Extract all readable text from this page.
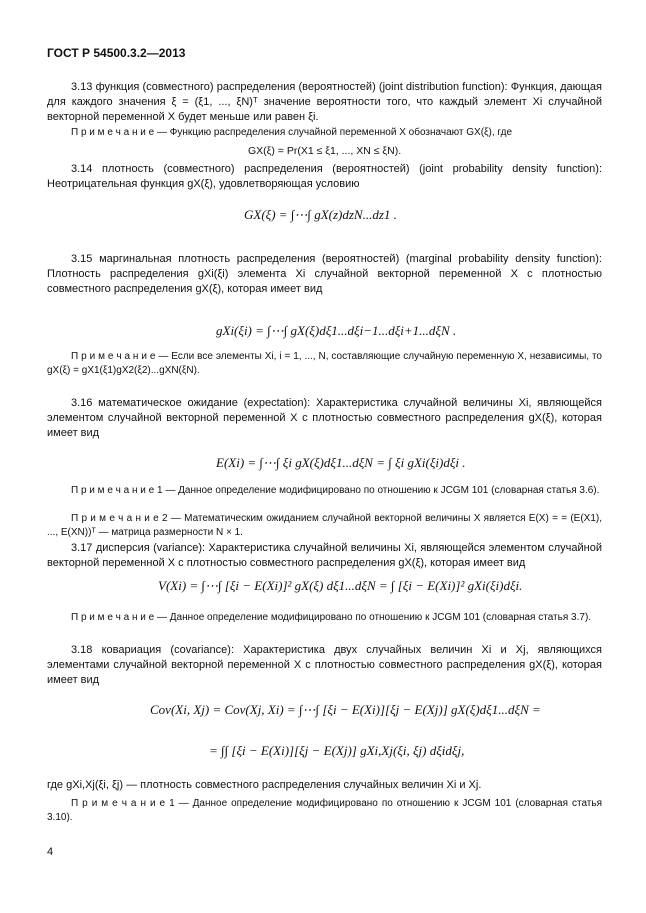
ГОСТ Р 54500.3.2—2013
3.13 функция (совместного) распределения (вероятностей) (joint distribution function): Функция, дающая для каждого значения ξ = (ξ1, ..., ξN)ᵀ значение вероятности того, что каждый элемент Xi случайной векторной переменной X будет меньше или равен ξi.
П р и м е ч а н и е — Функцию распределения случайной переменной X обозначают GX(ξ), где
GX(ξ) = Pr(X1 ≤ ξ1, ..., XN ≤ ξN).
3.14 плотность (совместного) распределения (вероятностей) (joint probability density function): Неотрицательная функция gX(ξ), удовлетворяющая условию
GX(ξ) = ∫⋯∫ gX(z)dzN...dz1 .
3.15 маргинальная плотность распределения (вероятностей) (marginal probability density function): Плотность распределения gXi(ξi) элемента Xi случайной векторной переменной X с плотностью совместного распределения gX(ξ), которая имеет вид
gXi(ξi) = ∫⋯∫ gX(ξ)dξ1...dξi−1...dξi+1...dξN .
П р и м е ч а н и е — Если все элементы Xi, i = 1, ..., N, составляющие случайную переменную X, независимы, то gX(ξ) = gX1(ξ1)gX2(ξ2)...gXN(ξN).
3.16 математическое ожидание (expectation): Характеристика случайной величины Xi, являющейся элементом случайной векторной переменной X с плотностью совместного распределения gX(ξ), которая имеет вид
E(Xi) = ∫⋯∫ ξi gX(ξ)dξ1...dξN = ∫ ξi gXi(ξi)dξi .
П р и м е ч а н и е 1 — Данное определение модифицировано по отношению к JCGM 101 (словарная статья 3.6).
П р и м е ч а н и е 2 — Математическим ожиданием случайной векторной величины X является E(X) = = (E(X1), ..., E(XN))ᵀ — матрица размерности N × 1.
3.17 дисперсия (variance): Характеристика случайной величины Xi, являющейся элементом случайной векторной переменной X с плотностью совместного распределения gX(ξ), которая имеет вид
V(Xi) = ∫⋯∫ [ξi − E(Xi)]² gX(ξ) dξ1...dξN = ∫ [ξi − E(Xi)]² gXi(ξi)dξi.
П р и м е ч а н и е — Данное определение модифицировано по отношению к JCGM 101 (словарная статья 3.7).
3.18 ковариация (covariance): Характеристика двух случайных величин Xi и Xj, являющихся элементами случайной векторной переменной X с плотностью совместного распределения gX(ξ), которая имеет вид
Cov(Xi, Xj) = Cov(Xj, Xi) = ∫⋯∫ [ξi − E(Xi)][ξj − E(Xj)] gX(ξ)dξ1...dξN =
= ∫∫ [ξi − E(Xi)][ξj − E(Xj)] gXi,Xj(ξi, ξj) dξidξj,
где gXi,Xj(ξi, ξj) — плотность совместного распределения случайных величин Xi и Xj.
П р и м е ч а н и е 1 — Данное определение модифицировано по отношению к JCGM 101 (словарная статья 3.10).
4
